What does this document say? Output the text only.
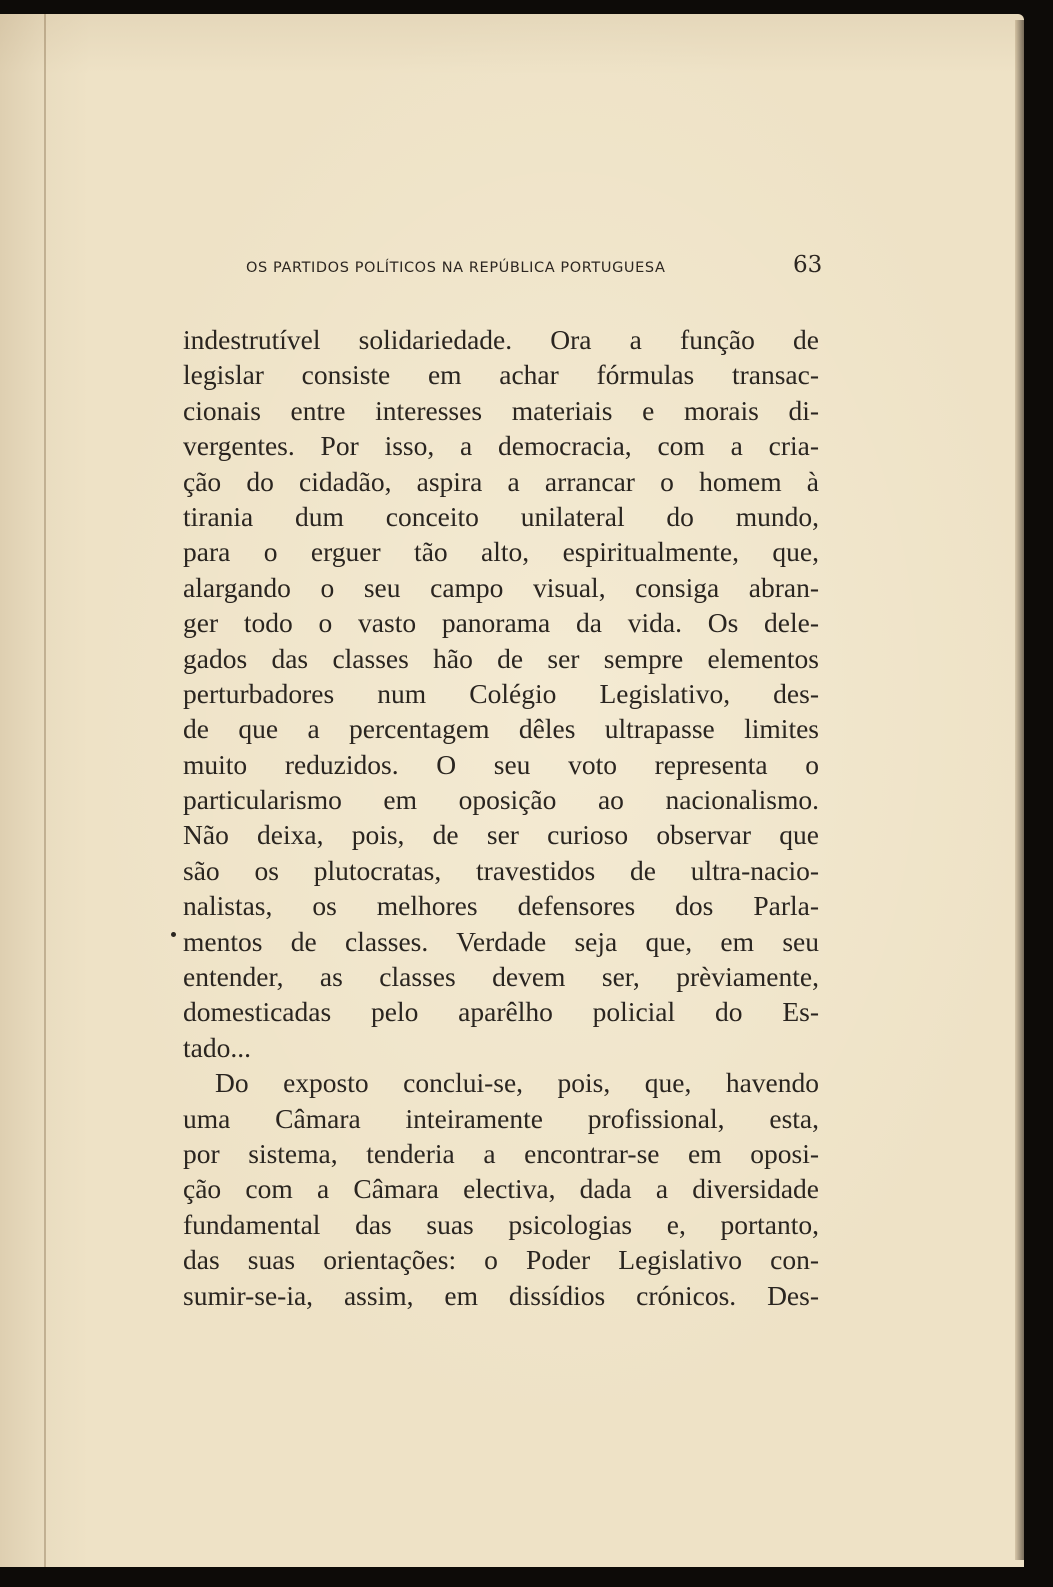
OS PARTIDOS POLÍTICOS NA REPÚBLICA PORTUGUESA	63
indestrutível solidariedade. Ora a função de
legislar consiste em achar fórmulas transac-
cionais entre interesses materiais e morais di-
vergentes. Por isso, a democracia, com a cria-
ção do cidadão, aspira a arrancar o homem à
tirania dum conceito unilateral do mundo,
para o erguer tão alto, espiritualmente, que,
alargando o seu campo visual, consiga abran-
ger todo o vasto panorama da vida. Os dele-
gados das classes hão de ser sempre elementos
perturbadores num Colégio Legislativo, des-
de que a percentagem dêles ultrapasse limites
muito reduzidos. O seu voto representa o
particularismo em oposição ao nacionalismo.
Não deixa, pois, de ser curioso observar que
são os plutocratas, travestidos de ultra-nacio-
nalistas, os melhores defensores dos Parla-
mentos de classes. Verdade seja que, em seu
entender, as classes devem ser, prèviamente,
domesticadas pelo aparêlho policial do Es-
tado...
Do exposto conclui-se, pois, que, havendo
uma Câmara inteiramente profissional, esta,
por sistema, tenderia a encontrar-se em oposi-
ção com a Câmara electiva, dada a diversidade
fundamental das suas psicologias e, portanto,
das suas orientações: o Poder Legislativo con-
sumir-se-ia, assim, em dissídios crónicos. Des-
